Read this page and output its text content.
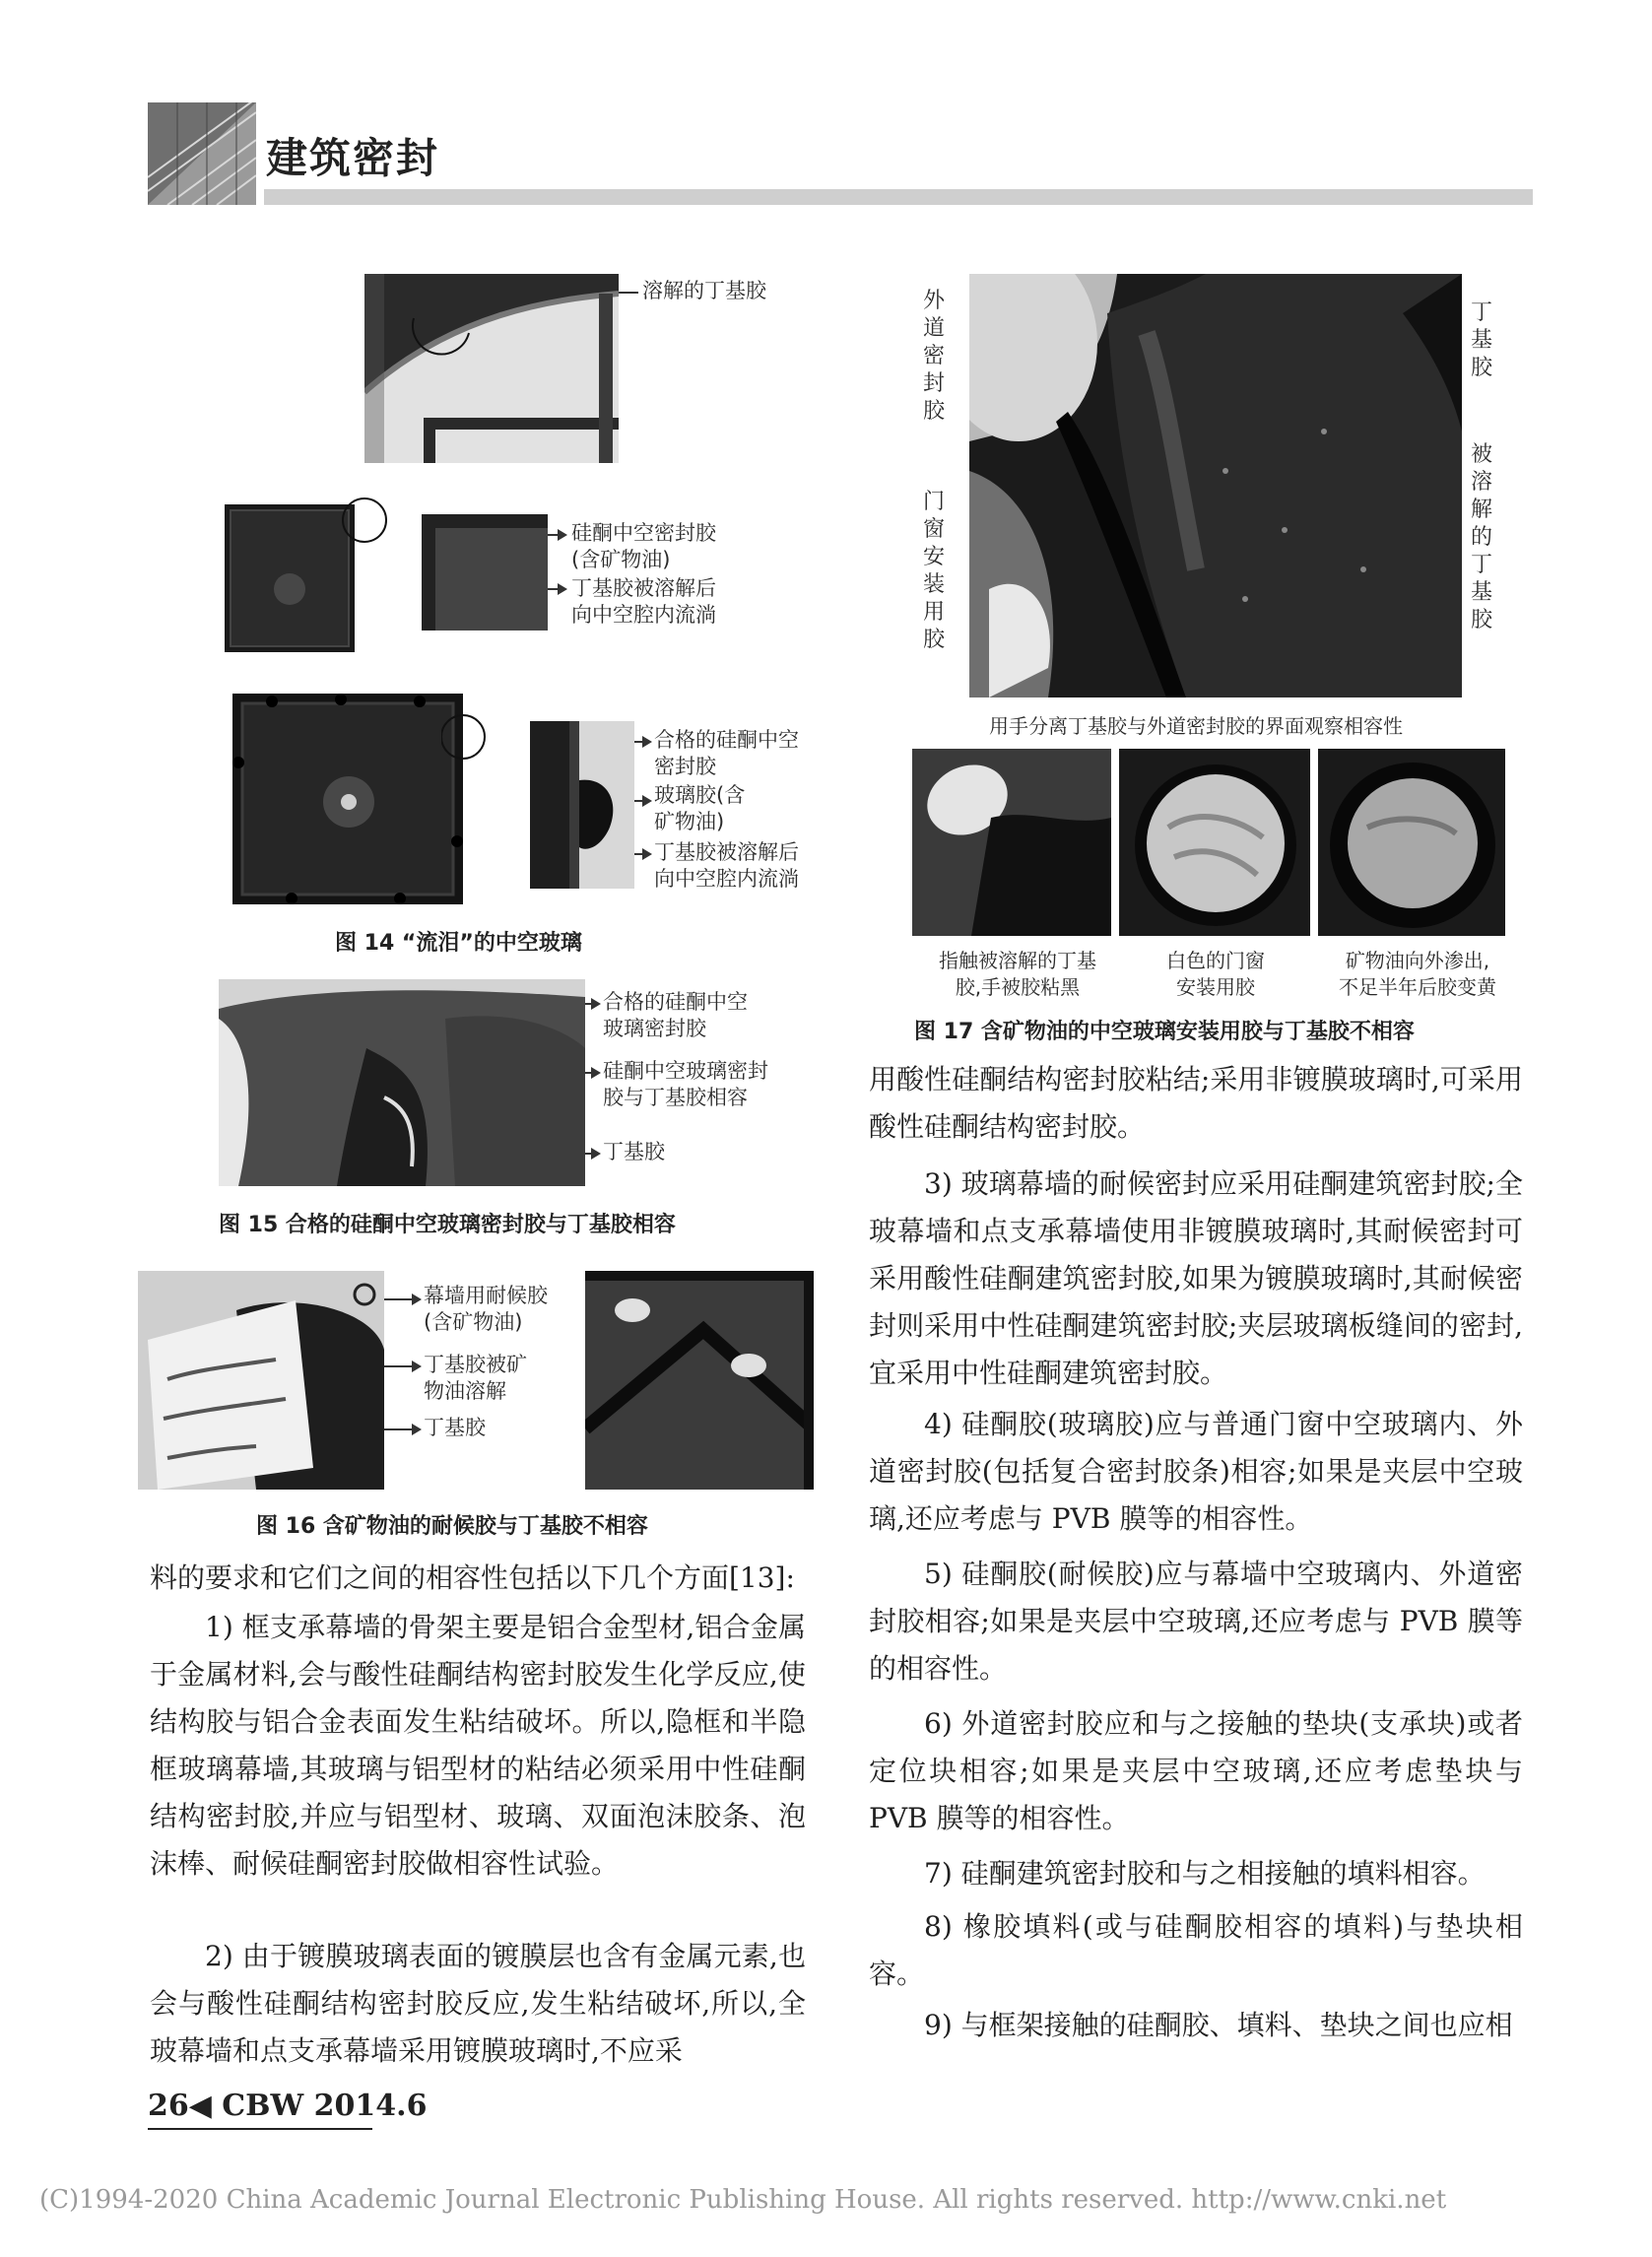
建筑密封
溶解的丁基胶
硅酮中空密封胶
(含矿物油)
丁基胶被溶解后
向中空腔内流淌
合格的硅酮中空
密封胶
玻璃胶(含
矿物油)
丁基胶被溶解后
向中空腔内流淌
图 14 “流泪”的中空玻璃
合格的硅酮中空
玻璃密封胶
硅酮中空玻璃密封
胶与丁基胶相容
丁基胶
图 15 合格的硅酮中空玻璃密封胶与丁基胶相容
幕墙用耐候胶
(含矿物油)
丁基胶被矿
物油溶解
丁基胶
图 16 含矿物油的耐候胶与丁基胶不相容
外道密封胶
门窗安装用胶
丁基胶
被溶解的丁基胶
用手分离丁基胶与外道密封胶的界面观察相容性
指触被溶解的丁基
胶,手被胶粘黑
白色的门窗
安装用胶
矿物油向外渗出,
不足半年后胶变黄
图 17 含矿物油的中空玻璃安装用胶与丁基胶不相容
料的要求和它们之间的相容性包括以下几个方面[13]:
1) 框支承幕墙的骨架主要是铝合金型材,铝合金属于金属材料,会与酸性硅酮结构密封胶发生化学反应,使结构胶与铝合金表面发生粘结破坏。所以,隐框和半隐框玻璃幕墙,其玻璃与铝型材的粘结必须采用中性硅酮结构密封胶,并应与铝型材、玻璃、双面泡沫胶条、泡沫棒、耐候硅酮密封胶做相容性试验。
2) 由于镀膜玻璃表面的镀膜层也含有金属元素,也会与酸性硅酮结构密封胶反应,发生粘结破坏,所以,全玻幕墙和点支承幕墙采用镀膜玻璃时,不应采
用酸性硅酮结构密封胶粘结;采用非镀膜玻璃时,可采用酸性硅酮结构密封胶。
3) 玻璃幕墙的耐候密封应采用硅酮建筑密封胶;全玻幕墙和点支承幕墙使用非镀膜玻璃时,其耐候密封可采用酸性硅酮建筑密封胶,如果为镀膜玻璃时,其耐候密封则采用中性硅酮建筑密封胶;夹层玻璃板缝间的密封,宜采用中性硅酮建筑密封胶。
4) 硅酮胶(玻璃胶)应与普通门窗中空玻璃内、外道密封胶(包括复合密封胶条)相容;如果是夹层中空玻璃,还应考虑与 PVB 膜等的相容性。
5) 硅酮胶(耐候胶)应与幕墙中空玻璃内、外道密封胶相容;如果是夹层中空玻璃,还应考虑与 PVB 膜等的相容性。
6) 外道密封胶应和与之接触的垫块(支承块)或者定位块相容;如果是夹层中空玻璃,还应考虑垫块与 PVB 膜等的相容性。
7) 硅酮建筑密封胶和与之相接触的填料相容。
8) 橡胶填料(或与硅酮胶相容的填料)与垫块相容。
9) 与框架接触的硅酮胶、填料、垫块之间也应相
26◀ CBW 2014.6
(C)1994-2020 China Academic Journal Electronic Publishing House. All rights reserved. http://www.cnki.net
